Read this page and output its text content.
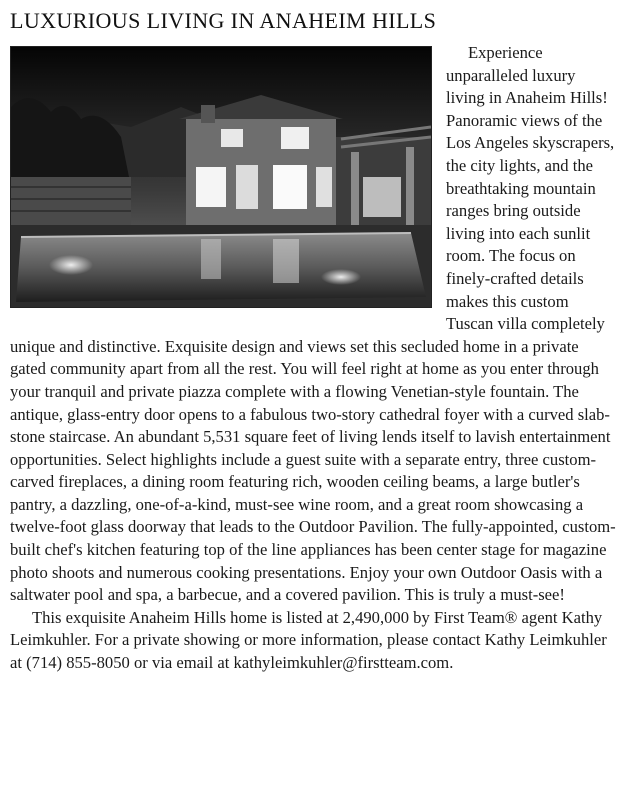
LUXURIOUS LIVING IN ANAHEIM HILLS

Experience unparalleled luxury living in Anaheim Hills! Panoramic views of the Los Angeles skyscrapers, the city lights, and the breathtaking mountain ranges bring outside living into each sunlit room. The focus on finely-crafted details makes this custom Tuscan villa completely unique and distinctive. Exquisite design and views set this secluded home in a private gated community apart from all the rest. You will feel right at home as you enter through your tranquil and private piazza complete with a flowing Venetian-style fountain. The antique, glass-entry door opens to a fabulous two-story cathedral foyer with a curved slab-stone staircase. An abundant 5,531 square feet of living lends itself to lavish entertainment opportunities. Select highlights include a guest suite with a separate entry, three custom-carved fireplaces, a dining room featuring rich, wooden ceiling beams, a large butler's pantry, a dazzling, one-of-a-kind, must-see wine room, and a great room showcasing a twelve-foot glass doorway that leads to the Outdoor Pavilion. The fully-appointed, custom-built chef's kitchen featuring top of the line appliances has been center stage for magazine photo shoots and numerous cooking presentations. Enjoy your own Outdoor Oasis with a saltwater pool and spa, a barbecue, and a covered pavilion. This is truly a must-see!

This exquisite Anaheim Hills home is listed at 2,490,000 by First Team® agent Kathy Leimkuhler. For a private showing or more information, please contact Kathy Leimkuhler at (714) 855-8050 or via email at kathyleimkuhler@firstteam.com.
